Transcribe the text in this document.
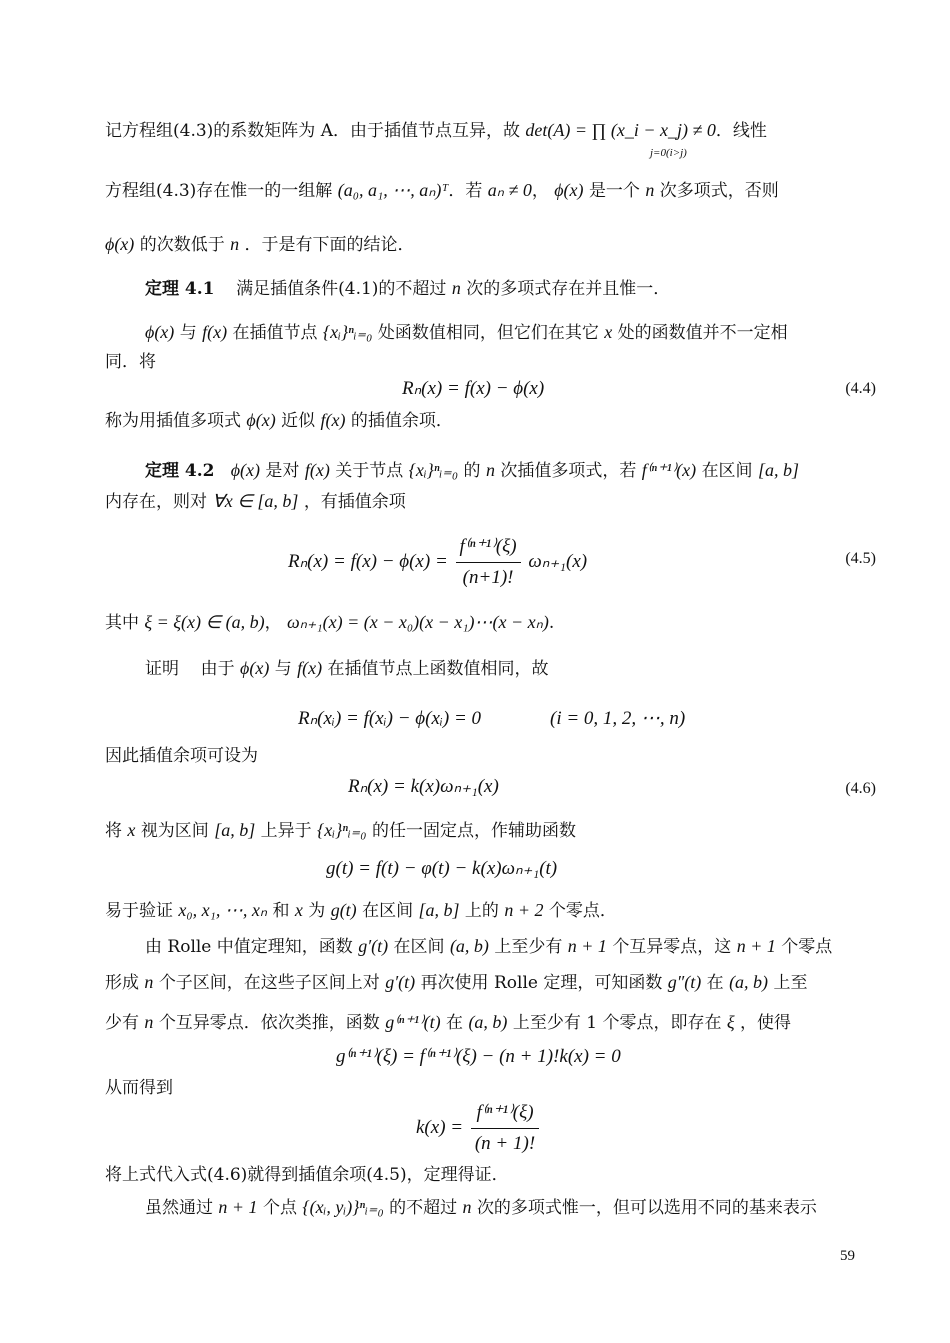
记方程组(4.3)的系数矩阵为 A．由于插值节点互异，故 det(A) = ∏ (x_i − x_j) ≠ 0．线性
j=0(i>j)
方程组(4.3)存在惟一的一组解 (a₀, a₁, ⋯, aₙ)ᵀ．若 aₙ ≠ 0， ϕ(x) 是一个 n 次多项式，否则
ϕ(x) 的次数低于 n ．于是有下面的结论．
定理 4.1 满足插值条件(4.1)的不超过 n 次的多项式存在并且惟一．
ϕ(x) 与 f(x) 在插值节点 {xᵢ}ⁿᵢ₌₀ 处函数值相同，但它们在其它 x 处的函数值并不一定相
同．将
Rₙ(x) = f(x) − ϕ(x)	(4.4)
称为用插值多项式 ϕ(x) 近似 f(x) 的插值余项．
定理 4.2 ϕ(x) 是对 f(x) 关于节点 {xᵢ}ⁿᵢ₌₀ 的 n 次插值多项式，若 f⁽ⁿ⁺¹⁾(x) 在区间 [a, b]
内存在，则对 ∀x ∈ [a, b] ，有插值余项
$R_n(x) = f(x) - \phi(x) = \frac{\text{f⁽ⁿ⁺¹⁾(ξ)}}{(n+1)!} \omega_{n+1}(x)$	(4.5)
其中 ξ = ξ(x) ∈ (a, b)， ωₙ₊₁(x) = (x − x₀)(x − x₁)⋯(x − xₙ).
证明 由于 ϕ(x) 与 f(x) 在插值节点上函数值相同，故
Rₙ(xᵢ) = f(xᵢ) − ϕ(xᵢ) = 0	(i = 0, 1, 2, ⋯, n)
因此插值余项可设为
Rₙ(x) = k(x)ωₙ₊₁(x)	(4.6)
将 x 视为区间 [a, b] 上异于 {xᵢ}ⁿᵢ₌₀ 的任一固定点，作辅助函数
g(t) = f(t) − φ(t) − k(x)ωₙ₊₁(t)
易于验证 x₀, x₁, ⋯, xₙ 和 x 为 g(t) 在区间 [a, b] 上的 n + 2 个零点．
由 Rolle 中值定理知，函数 g′(t) 在区间 (a, b) 上至少有 n + 1 个互异零点，这 n + 1 个零点
形成 n 个子区间，在这些子区间上对 g′(t) 再次使用 Rolle 定理，可知函数 g″(t) 在 (a, b) 上至
少有 n 个互异零点．依次类推，函数 g⁽ⁿ⁺¹⁾(t) 在 (a, b) 上至少有 1 个零点，即存在 ξ ，使得
g⁽ⁿ⁺¹⁾(ξ) = f⁽ⁿ⁺¹⁾(ξ) − (n + 1)!k(x) = 0
从而得到
$k(x) = \frac{\text{f⁽ⁿ⁺¹⁾(ξ)}}{(n + 1)!}$
将上式代入式(4.6)就得到插值余项(4.5)，定理得证．
虽然通过 n + 1 个点 {(xᵢ, yᵢ)}ⁿᵢ₌₀ 的不超过 n 次的多项式惟一，但可以选用不同的基来表示
59
